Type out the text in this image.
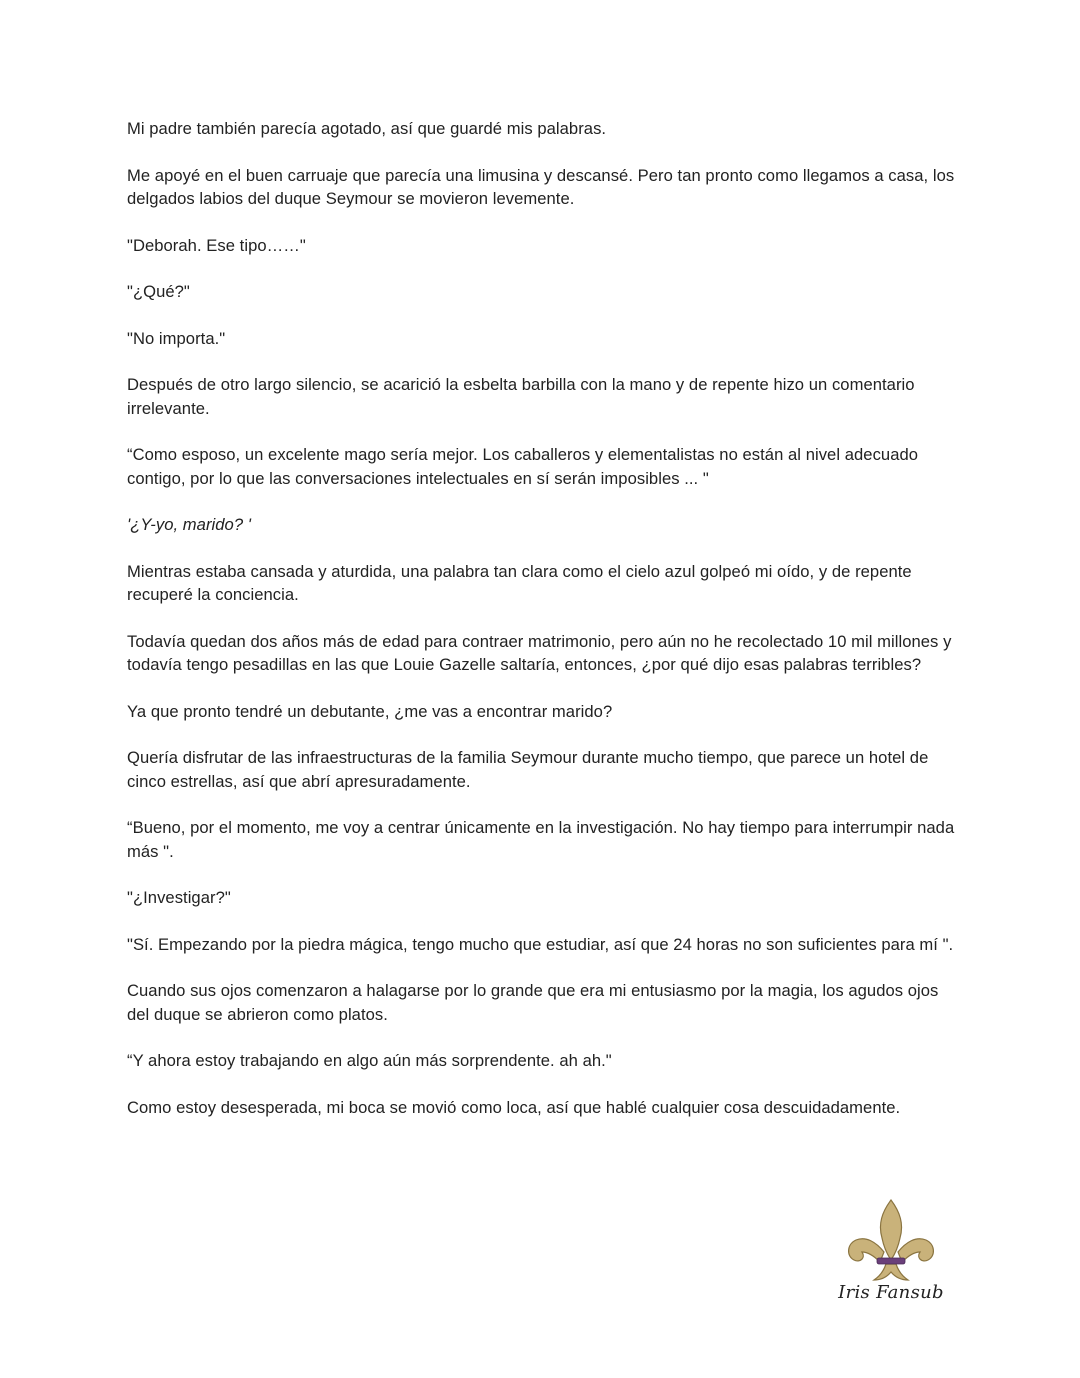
Mi padre también parecía agotado, así que guardé mis palabras.

Me apoyé en el buen carruaje que parecía una limusina y descansé. Pero tan pronto como llegamos a casa, los delgados labios del duque Seymour se movieron levemente.

"Deborah. Ese tipo……"

"¿Qué?"

"No importa."

Después de otro largo silencio, se acarició la esbelta barbilla con la mano y de repente hizo un comentario irrelevante.

“Como esposo, un excelente mago sería mejor. Los caballeros y elementalistas no están al nivel adecuado contigo, por lo que las conversaciones intelectuales en sí serán imposibles ... "

'¿Y-yo, marido? '

Mientras estaba cansada y aturdida, una palabra tan clara como el cielo azul golpeó mi oído, y de repente recuperé la conciencia.

Todavía quedan dos años más de edad para contraer matrimonio, pero aún no he recolectado 10 mil millones y todavía tengo pesadillas en las que Louie Gazelle saltaría, entonces, ¿por qué dijo esas palabras terribles?

Ya que pronto tendré un debutante, ¿me vas a encontrar marido?

Quería disfrutar de las infraestructuras de la familia Seymour durante mucho tiempo, que parece un hotel de cinco estrellas, así que abrí apresuradamente.

“Bueno, por el momento, me voy a centrar únicamente en la investigación. No hay tiempo para interrumpir nada más ".

"¿Investigar?"

"Sí. Empezando por la piedra mágica, tengo mucho que estudiar, así que 24 horas no son suficientes para mí ".

Cuando sus ojos comenzaron a halagarse por lo grande que era mi entusiasmo por la magia, los agudos ojos del duque se abrieron como platos.

“Y ahora estoy trabajando en algo aún más sorprendente. ah ah."

Como estoy desesperada, mi boca se movió como loca, así que hablé cualquier cosa descuidadamente.

Iris Fansub
